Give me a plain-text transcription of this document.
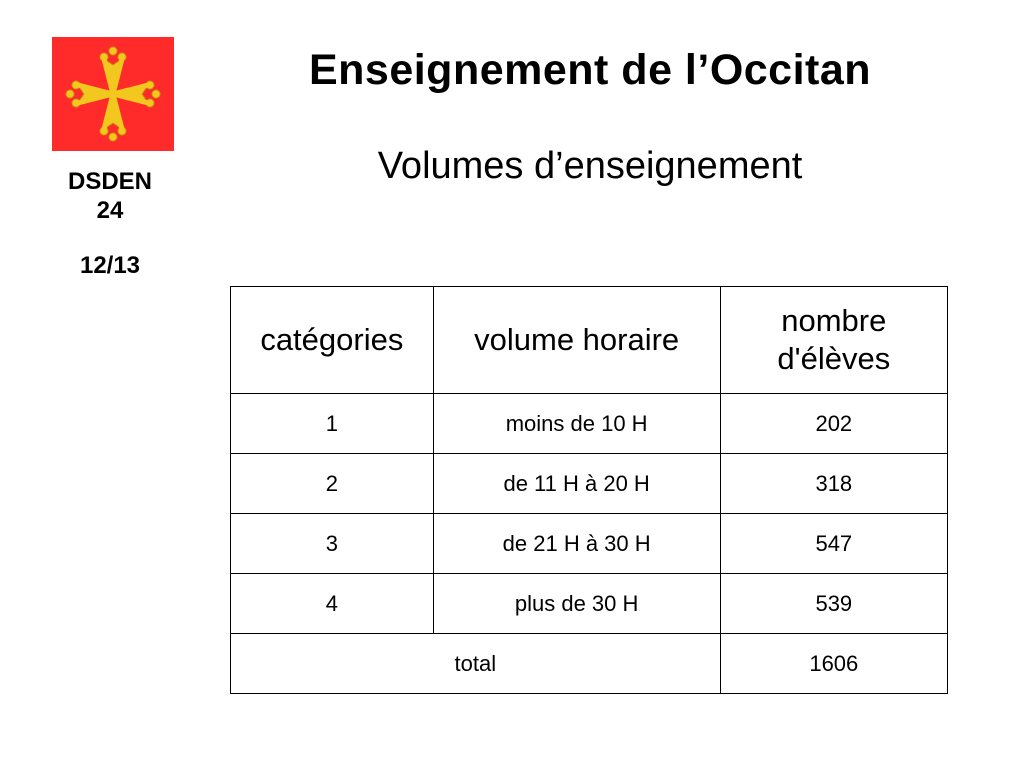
DSDEN
24
12/13
Enseignement de l’Occitan
Volumes d’enseignement
catégories	volume horaire	nombre d'élèves
1	moins de 10 H	202
2	de 11 H à 20 H	318
3	de 21 H à 30 H	547
4	plus de 30 H	539
total		1606
